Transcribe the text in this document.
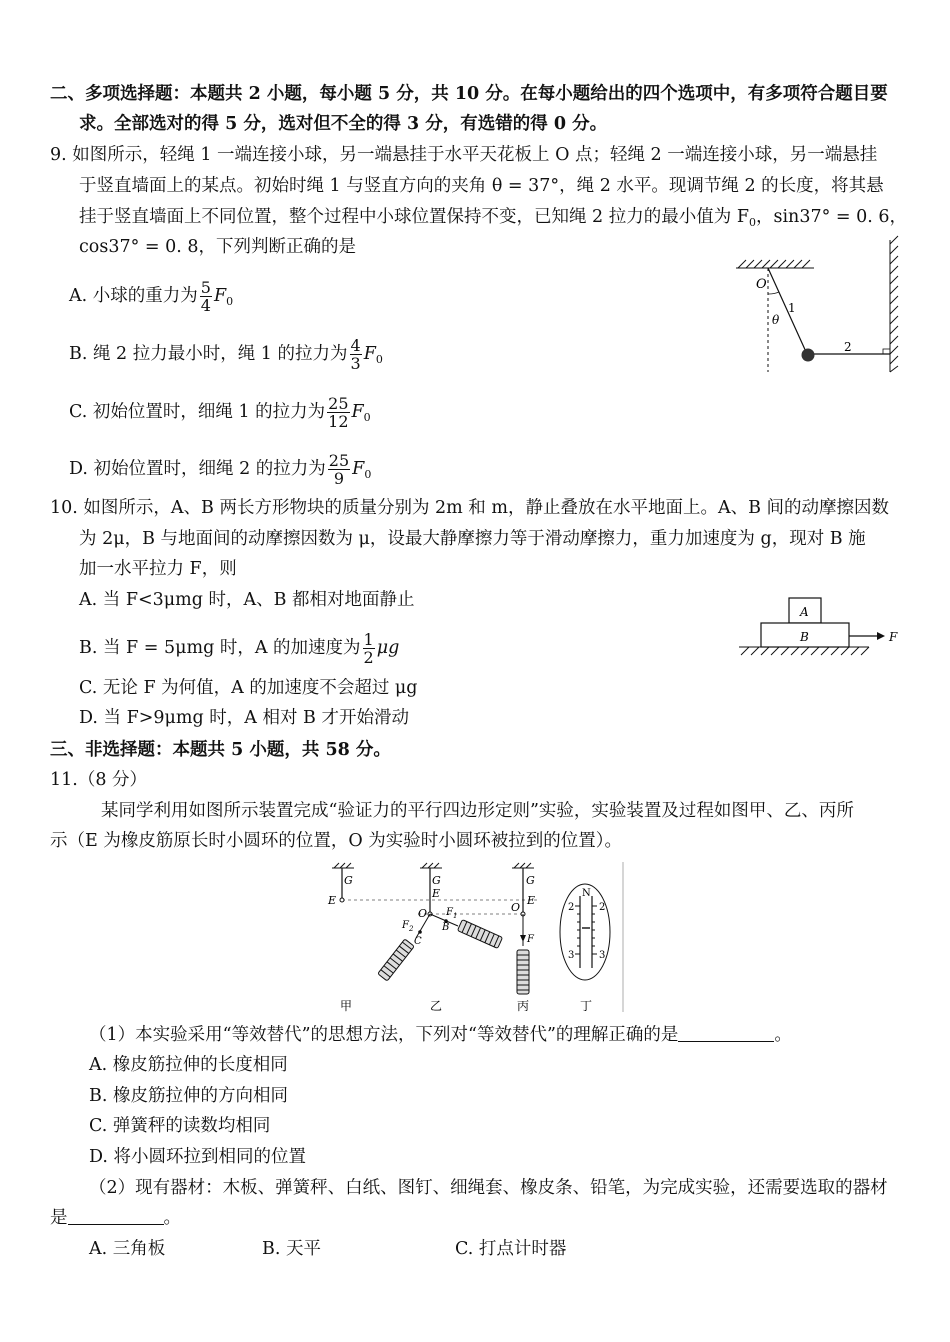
二、多项选择题：本题共 2 小题，每小题 5 分，共 10 分。在每小题给出的四个选项中，有多项符合题目要
求。全部选对的得 5 分，选对但不全的得 3 分，有选错的得 0 分。
9. 如图所示，轻绳 1 一端连接小球，另一端悬挂于水平天花板上 O 点；轻绳 2 一端连接小球，另一端悬挂
于竖直墙面上的某点。初始时绳 1 与竖直方向的夹角 θ = 37°，绳 2 水平。现调节绳 2 的长度，将其悬
挂于竖直墙面上不同位置，整个过程中小球位置保持不变，已知绳 2 拉力的最小值为 $F_0$，sin37° = 0. 6，
cos37° = 0. 8，下列判断正确的是
A. 小球的重力为 $\frac{5}{4} F_0$
B. 绳 2 拉力最小时，绳 1 的拉力为 $\frac{4}{3} F_0$
C. 初始位置时，细绳 1 的拉力为 $\frac{25}{12} F_0$
D. 初始位置时，细绳 2 的拉力为 $\frac{25}{9} F_0$
O
1
θ
2
10. 如图所示，A、B 两长方形物块的质量分别为 2m 和 m，静止叠放在水平地面上。A、B 间的动摩擦因数
为 2μ，B 与地面间的动摩擦因数为 μ，设最大静摩擦力等于滑动摩擦力，重力加速度为 g，现对 B 施
加一水平拉力 F，则
A. 当 F<3μmg 时，A、B 都相对地面静止
B. 当 F = 5μmg 时，A 的加速度为 $\frac{1}{2}$ μg
C. 无论 F 为何值，A 的加速度不会超过 μg
D. 当 F>9μmg 时，A 相对 B 才开始滑动
A
B	F
三、非选择题：本题共 5 小题，共 58 分。
11.（8 分）
某同学利用如图所示装置完成“验证力的平行四边形定则”实验，实验装置及过程如图甲、乙、丙所
示（E 为橡皮筋原长时小圆环的位置，O 为实验时小圆环被拉到的位置）。
G
E
G
E
O
B
$F_1$
$F_2$
C
G
E
O
F
N
2 2
3 3
甲	乙	丙	丁
（1）本实验采用“等效替代”的思想方法，下列对“等效替代”的理解正确的是	。
A. 橡皮筋拉伸的长度相同
B. 橡皮筋拉伸的方向相同
C. 弹簧秤的读数均相同
D. 将小圆环拉到相同的位置
（2）现有器材：木板、弹簧秤、白纸、图钉、细绳套、橡皮条、铅笔，为完成实验，还需要选取的器材
是	。
A. 三角板	B. 天平	C. 打点计时器
